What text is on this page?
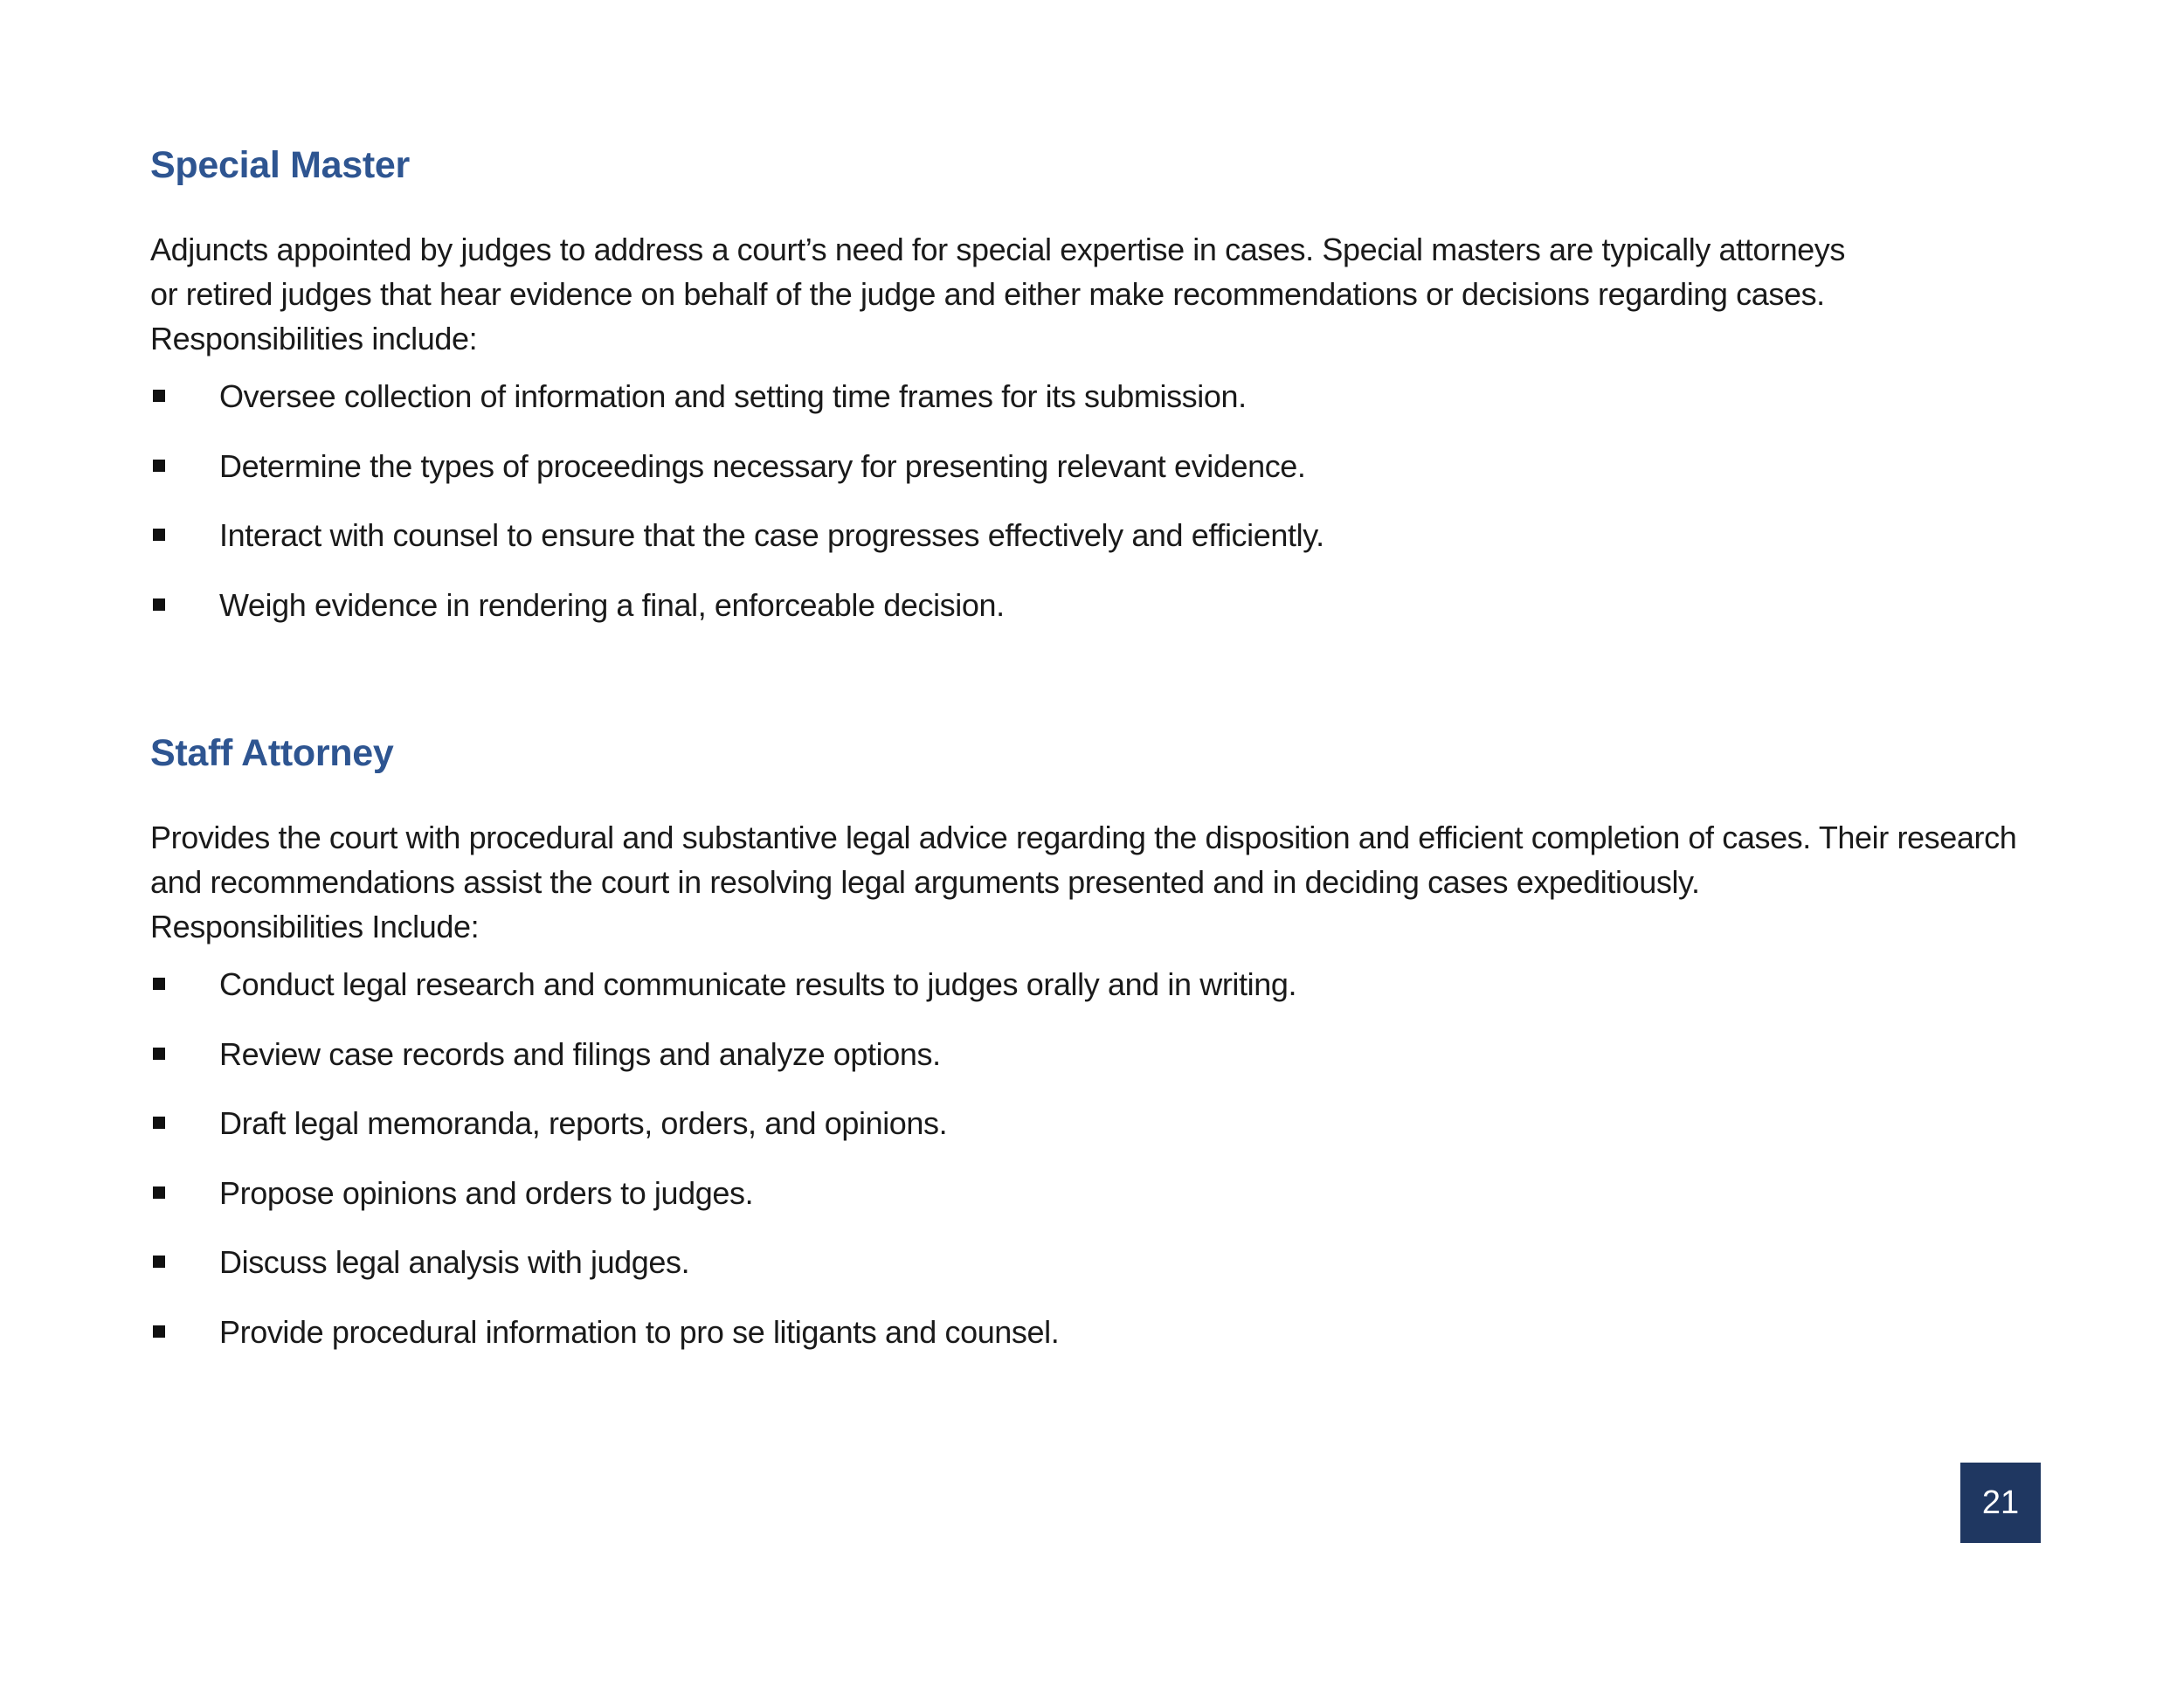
Special Master

Adjuncts appointed by judges to address a court’s need for special expertise in cases. Special masters are typically attorneys

or retired judges that hear evidence on behalf of the judge and either make recommendations or decisions regarding cases.

Responsibilities include:

Oversee collection of information and setting time frames for its submission.
Determine the types of proceedings necessary for presenting relevant evidence.
Interact with counsel to ensure that the case progresses effectively and efficiently.
Weigh evidence in rendering a final, enforceable decision.
Staff Attorney

Provides the court with procedural and substantive legal advice regarding the disposition and efficient completion of cases. Their research

and recommendations assist the court in resolving legal arguments presented and in deciding cases expeditiously.

Responsibilities Include:

Conduct legal research and communicate results to judges orally and in writing.
Review case records and filings and analyze options.
Draft legal memoranda, reports, orders, and opinions.
Propose opinions and orders to judges.
Discuss legal analysis with judges.
Provide procedural information to pro se litigants and counsel.
21
